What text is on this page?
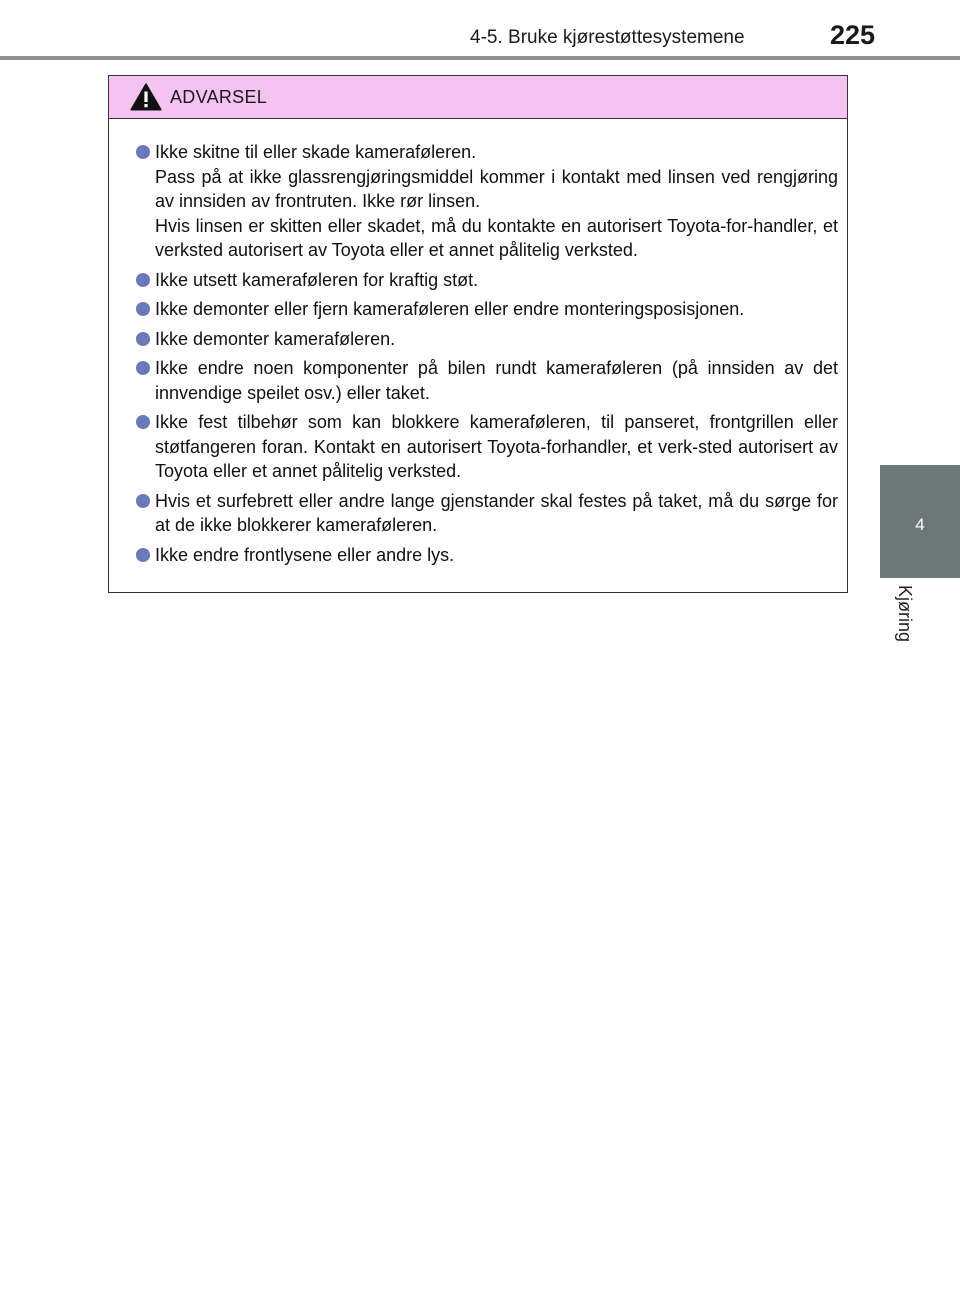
4-5. Bruke kjørestøttesystemene	225
4
Kjøring
ADVARSEL
Ikke skitne til eller skade kameraføleren.
Pass på at ikke glassrengjøringsmiddel kommer i kontakt med linsen ved rengjøring av innsiden av frontruten. Ikke rør linsen.
Hvis linsen er skitten eller skadet, må du kontakte en autorisert Toyota-for-handler, et verksted autorisert av Toyota eller et annet pålitelig verksted.
Ikke utsett kameraføleren for kraftig støt.
Ikke demonter eller fjern kameraføleren eller endre monteringsposisjonen.
Ikke demonter kameraføleren.
Ikke endre noen komponenter på bilen rundt kameraføleren (på innsiden av det innvendige speilet osv.) eller taket.
Ikke fest tilbehør som kan blokkere kameraføleren, til panseret, frontgrillen eller støtfangeren foran. Kontakt en autorisert Toyota-forhandler, et verk-sted autorisert av Toyota eller et annet pålitelig verksted.
Hvis et surfebrett eller andre lange gjenstander skal festes på taket, må du sørge for at de ikke blokkerer kameraføleren.
Ikke endre frontlysene eller andre lys.
